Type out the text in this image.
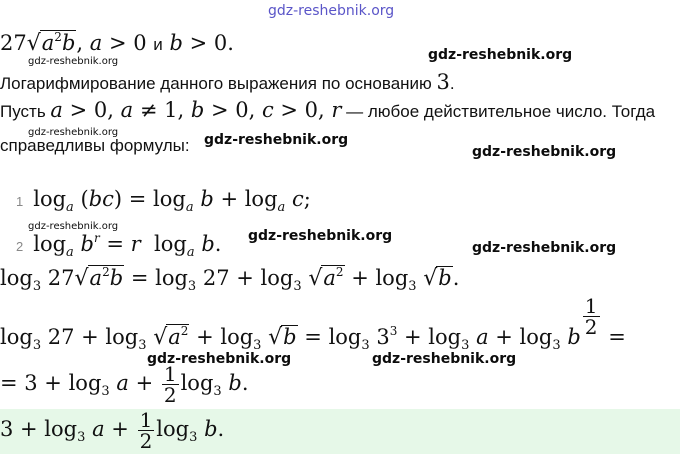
gdz-reshebnik.org
$27√a^2b$, a > 0 и b > 0.
gdz-reshebnik.org	gdz-reshebnik.org
Логарифмирование данного выражения по основанию 3.
Пусть a > 0, a ≠ 1, b > 0, c > 0, r — любое действительное число. Тогда
gdz-reshebnik.org
справедливы формулы: gdz-reshebnik.org
gdz-reshebnik.org
1 $\log_a (bc) = \log_a b + \log_a c$;
gdz-reshebnik.org
2 $\log_a b^r = r$  $\log_a b$. gdz-reshebnik.org
gdz-reshebnik.org
$\log_3 27√a^2b = \log_3 27 + \log_3 √a^2 + \log_3 √b$.
$\log_3 27 + \log_3 √a^2 + \log_3 √b = \log_3 3^3 + \log_3 a + \log_3 b \frac{1}{2}$ =
gdz-reshebnik.org	gdz-reshebnik.org
= $3 + \log_3 a + \frac{1}{2} \log_3 b$.
$3 + \log_3 a + \frac{1}{2} \log_3 b$.
